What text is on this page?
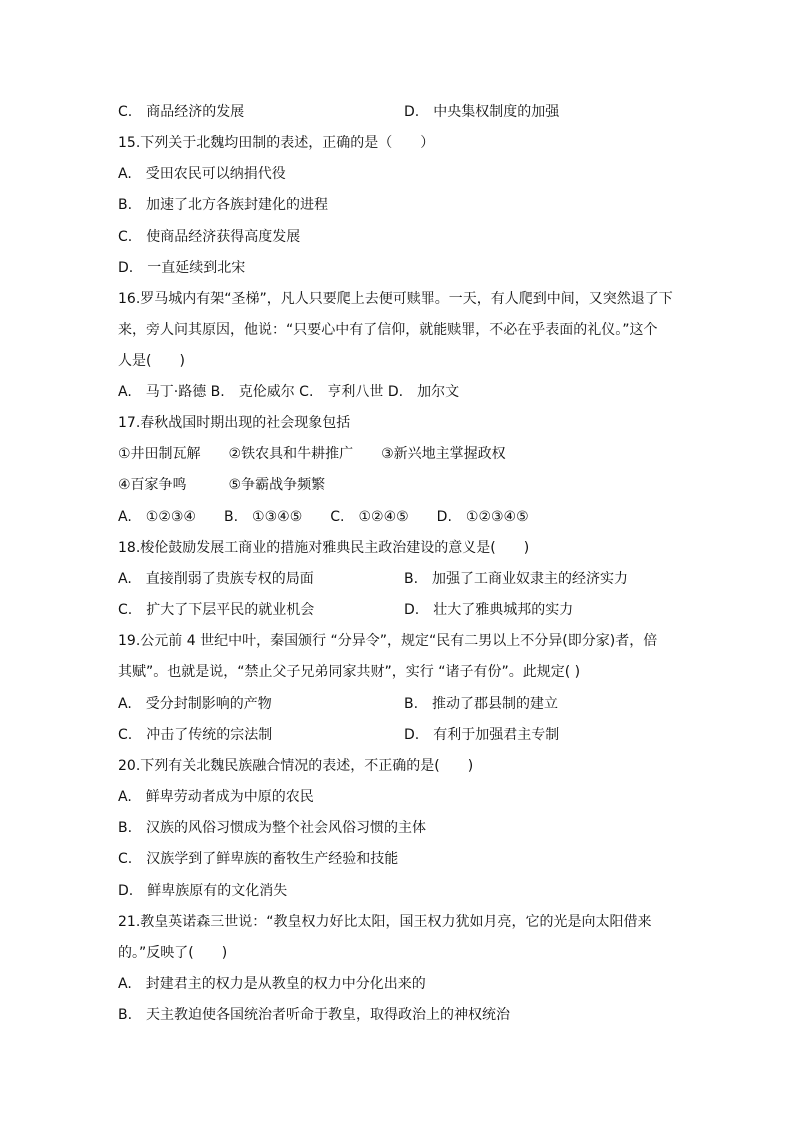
C.　商品经济的发展	D.　中央集权制度的加强
15.下列关于北魏均田制的表述，正确的是（　　）
A.　受田农民可以纳捐代役
B.　加速了北方各族封建化的进程
C.　使商品经济获得高度发展
D.　一直延续到北宋
16.罗马城内有架“圣梯”，凡人只要爬上去便可赎罪。一天，有人爬到中间，又突然退了下
来，旁人问其原因，他说：“只要心中有了信仰，就能赎罪，不必在乎表面的礼仪。”这个
人是(　　)
A.　马丁·路德 B.　克伦威尔 C.　亨利八世 D.　加尔文
17.春秋战国时期出现的社会现象包括
①井田制瓦解　　②铁农具和牛耕推广　　③新兴地主掌握政权
④百家争鸣　　　⑤争霸战争频繁
A.　①②③④　　B.　①③④⑤　　C.　①②④⑤　　D.　①②③④⑤
18.梭伦鼓励发展工商业的措施对雅典民主政治建设的意义是(　　)
A.　直接削弱了贵族专权的局面	B.　加强了工商业奴隶主的经济实力
C.　扩大了下层平民的就业机会	D.　壮大了雅典城邦的实力
19.公元前 4 世纪中叶，秦国颁行 “分异令”，规定“民有二男以上不分异(即分家)者，倍
其赋”。也就是说，“禁止父子兄弟同家共财”，实行 “诸子有份”。此规定( )
A.　受分封制影响的产物	B.　推动了郡县制的建立
C.　冲击了传统的宗法制	D.　有利于加强君主专制
20.下列有关北魏民族融合情况的表述，不正确的是(　　)
A.　鲜卑劳动者成为中原的农民
B.　汉族的风俗习惯成为整个社会风俗习惯的主体
C.　汉族学到了鲜卑族的畜牧生产经验和技能
D.　鲜卑族原有的文化消失
21.教皇英诺森三世说：“教皇权力好比太阳，国王权力犹如月亮，它的光是向太阳借来
的。”反映了(　　)
A.　封建君主的权力是从教皇的权力中分化出来的
B.　天主教迫使各国统治者听命于教皇，取得政治上的神权统治
